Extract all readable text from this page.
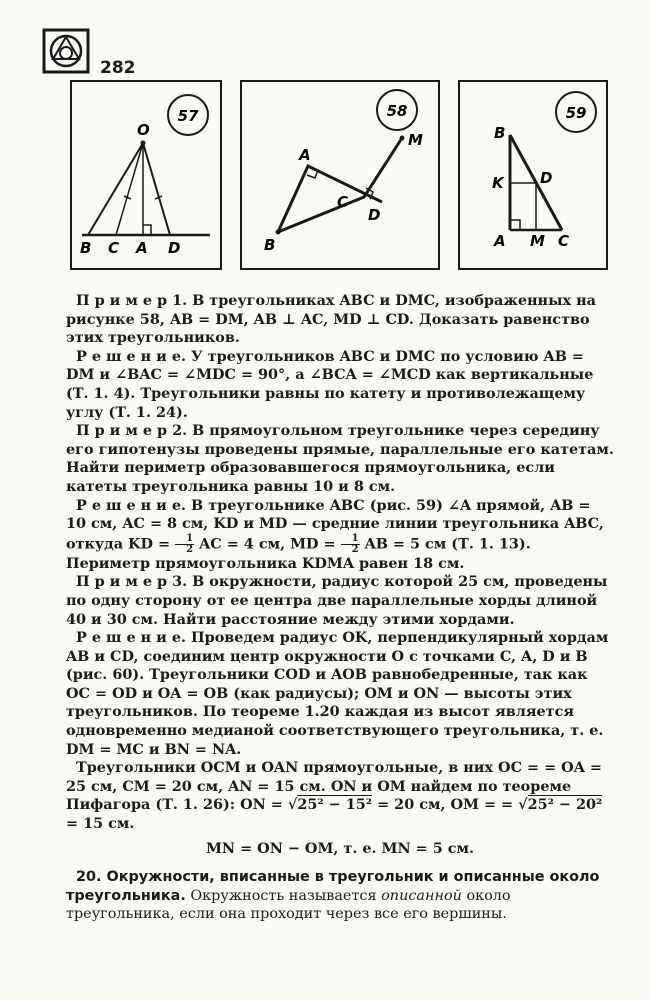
282
57
O
B C A D
58
A
B
C
D
M
59
B
K D
A M C

П р и м е р 1. В треугольниках ABC и DMC, изображенных на рисунке 58, AB = DM, AB ⊥ AC, MD ⊥ CD. Доказать равенство этих треугольников.

Р е ш е н и е. У треугольников ABC и DMC по условию AB = DM и ∠BAC = ∠MDC = 90°, а ∠BCA = ∠MCD как вертикальные (Т. 1. 4). Треугольники равны по катету и противолежащему углу (Т. 1. 24).

П р и м е р 2. В прямоугольном треугольнике через середину его гипотенузы проведены прямые, параллельные его катетам. Найти периметр образовавшегося прямоугольника, если катеты треугольника равны 10 и 8 см.

Р е ш е н и е. В треугольнике ABC (рис. 59) ∠A прямой, AB = 10 см, AC = 8 см, KD и MD — средние линии треугольника ABC, откуда KD = $\frac{1}{2}$ AC = 4 см, MD = $\frac{1}{2}$ AB = 5 см (Т. 1. 13). Периметр прямоугольника KDMA равен 18 см.

П р и м е р 3. В окружности, радиус которой 25 см, проведены по одну сторону от ее центра две параллельные хорды длиной 40 и 30 см. Найти расстояние между этими хордами.

Р е ш е н и е. Проведем радиус OK, перпендикулярный хордам AB и CD, соединим центр окружности O с точками C, A, D и B (рис. 60). Треугольники COD и AOB равнобедренные, так как OC = OD и OA = OB (как радиусы); OM и ON — высоты этих треугольников. По теореме 1.20 каждая из высот является одновременно медианой соответствующего треугольника, т. е. DM = MC и BN = NA.

Треугольники OCM и OAN прямоугольные, в них OC = = OA = 25 см, CM = 20 см, AN = 15 см. ON и OM найдем по теореме Пифагора (Т. 1. 26): ON = √25² − 15² = 20 см, OM = = √25² − 20² = 15 см.

MN = ON − OM, т. е. MN = 5 см.

20. Окружности, вписанные в треугольник и описанные около треугольника. Окружность называется описанной около треугольника, если она проходит через все его вершины.
